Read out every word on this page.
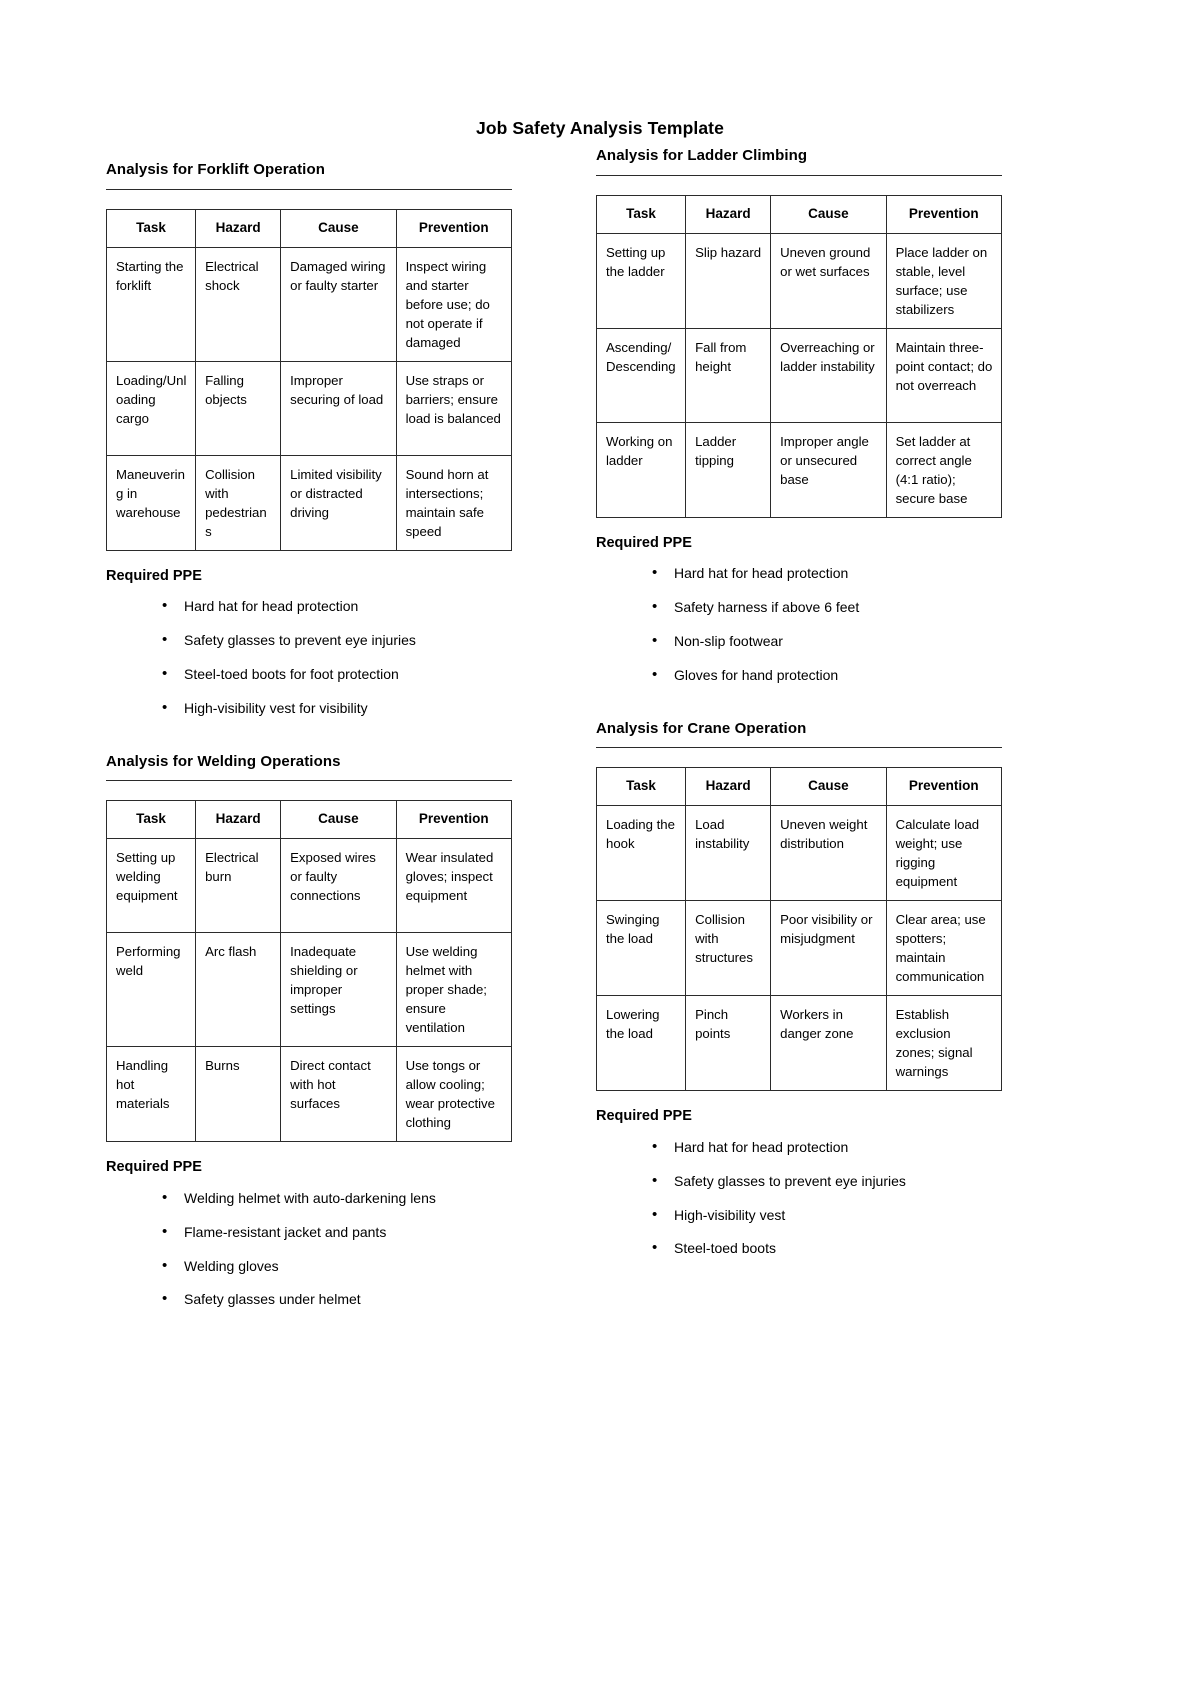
Job Safety Analysis Template
Analysis for Forklift Operation
Task	Hazard	Cause	Prevention
Starting the forklift	Electrical shock	Damaged wiring or faulty starter	Inspect wiring and starter before use; do not operate if damaged
Loading/Unloading cargo	Falling objects	Improper securing of load	Use straps or barriers; ensure load is balanced
Maneuvering in warehouse	Collision with pedestrians	Limited visibility or distracted driving	Sound horn at intersections; maintain safe speed
Required PPE
• Hard hat for head protection
• Safety glasses to prevent eye injuries
• Steel-toed boots for foot protection
• High-visibility vest for visibility
Analysis for Welding Operations
Task	Hazard	Cause	Prevention
Setting up welding equipment	Electrical burn	Exposed wires or faulty connections	Wear insulated gloves; inspect equipment
Performing weld	Arc flash	Inadequate shielding or improper settings	Use welding helmet with proper shade; ensure ventilation
Handling hot materials	Burns	Direct contact with hot surfaces	Use tongs or allow cooling; wear protective clothing
Required PPE
• Welding helmet with auto-darkening lens
• Flame-resistant jacket and pants
• Welding gloves
• Safety glasses under helmet
Analysis for Ladder Climbing
Task	Hazard	Cause	Prevention
Setting up the ladder	Slip hazard	Uneven ground or wet surfaces	Place ladder on stable, level surface; use stabilizers
Ascending/Descending	Fall from height	Overreaching or ladder instability	Maintain three-point contact; do not overreach
Working on ladder	Ladder tipping	Improper angle or unsecured base	Set ladder at correct angle (4:1 ratio); secure base
Required PPE
• Hard hat for head protection
• Safety harness if above 6 feet
• Non-slip footwear
• Gloves for hand protection
Analysis for Crane Operation
Task	Hazard	Cause	Prevention
Loading the hook	Load instability	Uneven weight distribution	Calculate load weight; use rigging equipment
Swinging the load	Collision with structures	Poor visibility or misjudgment	Clear area; use spotters; maintain communication
Lowering the load	Pinch points	Workers in danger zone	Establish exclusion zones; signal warnings
Required PPE
• Hard hat for head protection
• Safety glasses to prevent eye injuries
• High-visibility vest
• Steel-toed boots
